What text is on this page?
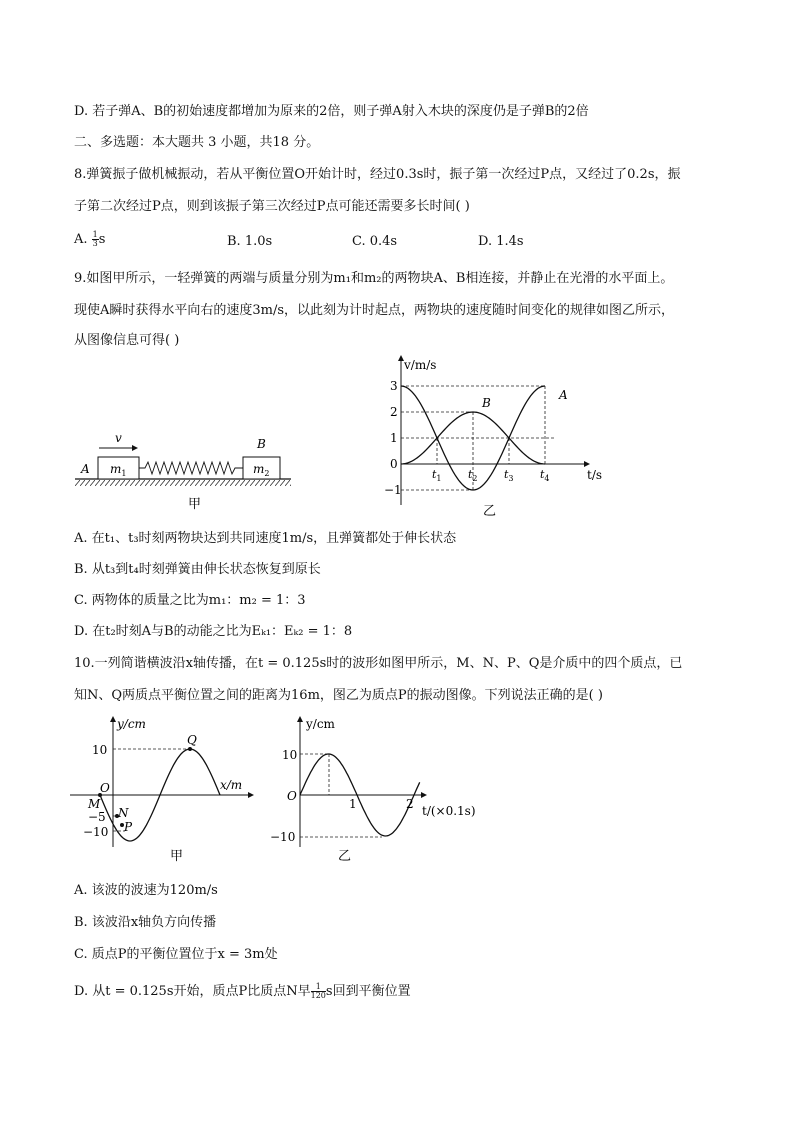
D. 若子弹A、B的初始速度都增加为原来的2倍，则子弹A射入木块的深度仍是子弹B的2倍
二、多选题：本大题共 3 小题，共18 分。
8.弹簧振子做机械振动，若从平衡位置O开始计时，经过0.3s时，振子第一次经过P点，又经过了0.2s，振
子第二次经过P点，则到该振子第三次经过P点可能还需要多长时间( )
A. $\frac{1}{3}$ s	B. 1.0s	C. 0.4s	D. 1.4s
9.如图甲所示，一轻弹簧的两端与质量分别为m₁和m₂的两物块A、B相连接，并静止在光滑的水平面上。
现使A瞬时获得水平向右的速度3m/s，以此刻为计时起点，两物块的速度随时间变化的规律如图乙所示，
从图像信息可得( )
v
A
B
$m_1$	$m_2$
甲
v/m/s
t/s
3
2
1
0
−1
$t_1$ $t_2$ $t_3$ $t_4$
A
B
乙
A. 在t₁、t₃时刻两物块达到共同速度1m/s，且弹簧都处于伸长状态
B. 从t₃到t₄时刻弹簧由伸长状态恢复到原长
C. 两物体的质量之比为m₁：m₂ = 1：3
D. 在t₂时刻A与B的动能之比为Eₖ₁：Eₖ₂ = 1：8
10.一列简谐横波沿x轴传播，在t = 0.125s时的波形如图甲所示，M、N、P、Q是介质中的四个质点，已
知N、Q两质点平衡位置之间的距离为16m，图乙为质点P的振动图像。下列说法正确的是( )
y/cm
x/m
10
−5
−10
O
M
N
P
Q
甲
y/cm
t/(×0.1s)
10
−10
O
1	2
乙
A. 该波的波速为120m/s
B. 该波沿x轴负方向传播
C. 质点P的平衡位置位于x = 3m处
D. 从t = 0.125s开始，质点P比质点N早 $\frac{1}{120}$ s回到平衡位置
